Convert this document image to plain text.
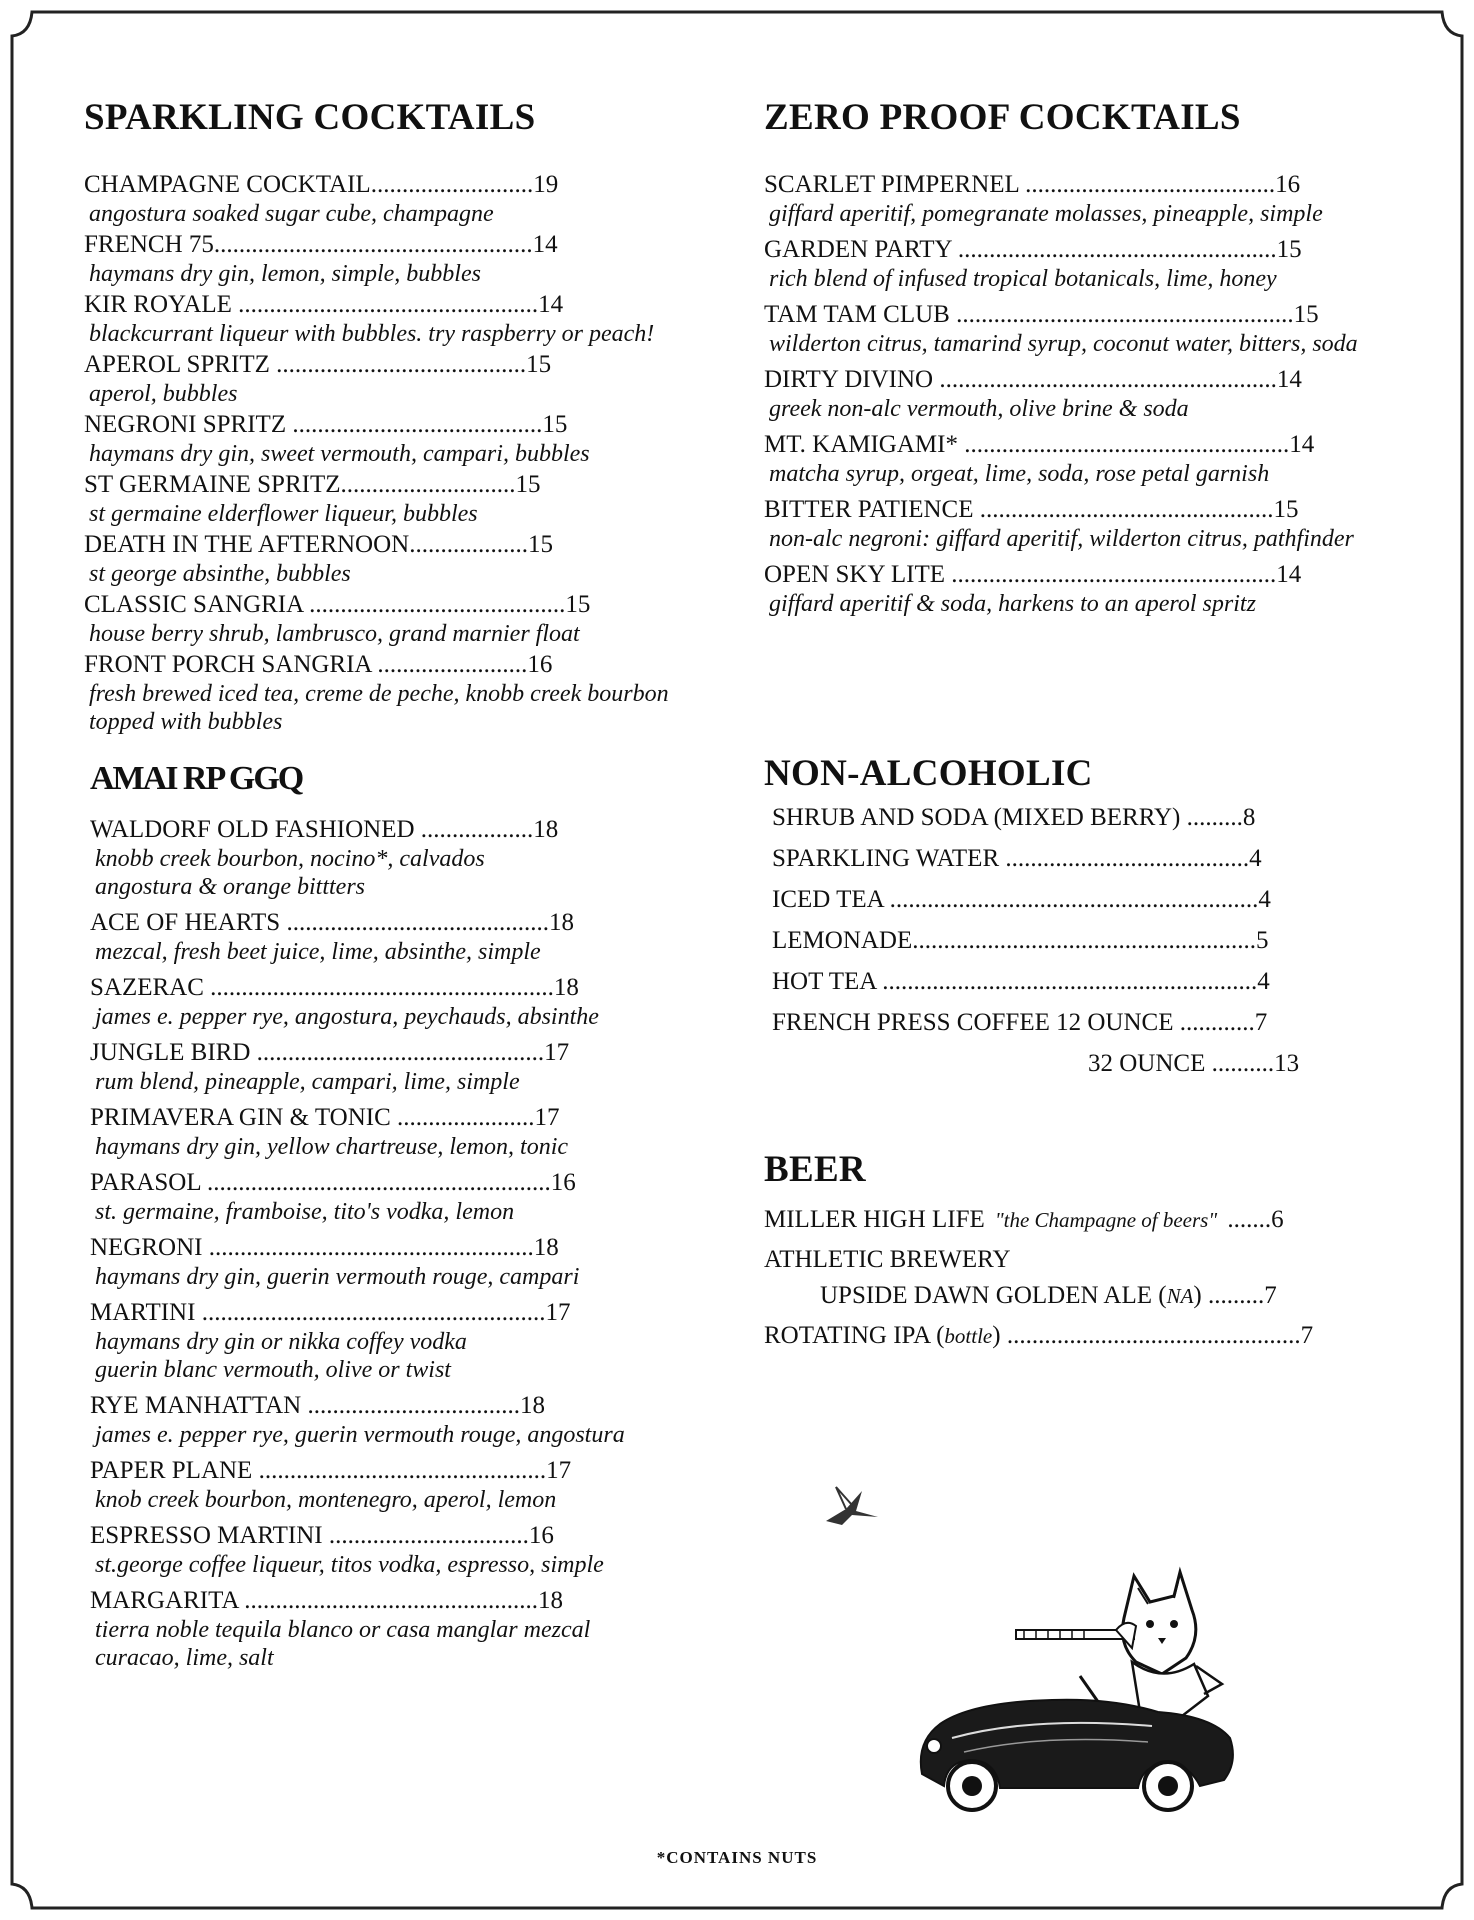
SPARKLING COCKTAILS
CHAMPAGNE COCKTAIL..........................19
angostura soaked sugar cube, champagne
FRENCH 75...................................................14
haymans dry gin, lemon, simple, bubbles
KIR ROYALE ................................................14
blackcurrant liqueur with bubbles. try raspberry or peach!
APEROL SPRITZ ........................................15
aperol, bubbles
NEGRONI SPRITZ ........................................15
haymans dry gin, sweet vermouth, campari, bubbles
ST GERMAINE SPRITZ............................15
st germaine elderflower liqueur, bubbles
DEATH IN THE AFTERNOON...................15
st george absinthe, bubbles
CLASSIC SANGRIA .........................................15
house berry shrub, lambrusco, grand marnier float
FRONT PORCH SANGRIA ........................16
fresh brewed iced tea, creme de peche, knobb creek bourbon
topped with bubbles
AMAI RP GGQ
WALDORF OLD FASHIONED ..................18
knobb creek bourbon, nocino*, calvados
angostura & orange bittters
ACE OF HEARTS ..........................................18
mezcal, fresh beet juice, lime, absinthe, simple
SAZERAC .......................................................18
james e. pepper rye, angostura, peychauds, absinthe
JUNGLE BIRD ..............................................17
rum blend, pineapple, campari, lime, simple
PRIMAVERA GIN & TONIC ......................17
haymans dry gin, yellow chartreuse, lemon, tonic
PARASOL .......................................................16
st. germaine, framboise, tito's vodka, lemon
NEGRONI ....................................................18
haymans dry gin, guerin vermouth rouge, campari
MARTINI .......................................................17
haymans dry gin or nikka coffey vodka
guerin blanc vermouth, olive or twist
RYE MANHATTAN ..................................18
james e. pepper rye, guerin vermouth rouge, angostura
PAPER PLANE ..............................................17
knob creek bourbon, montenegro, aperol, lemon
ESPRESSO MARTINI ................................16
st.george coffee liqueur, titos vodka, espresso, simple
MARGARITA ...............................................18
tierra noble tequila blanco or casa manglar mezcal
curacao, lime, salt
ZERO PROOF COCKTAILS
SCARLET PIMPERNEL ........................................16
giffard aperitif, pomegranate molasses, pineapple, simple
GARDEN PARTY ...................................................15
rich blend of infused tropical botanicals, lime, honey
TAM TAM CLUB ......................................................15
wilderton citrus, tamarind syrup, coconut water, bitters, soda
DIRTY DIVINO ......................................................14
greek non-alc vermouth, olive brine & soda
MT. KAMIGAMI* ....................................................14
matcha syrup, orgeat, lime, soda, rose petal garnish
BITTER PATIENCE ...............................................15
non-alc negroni: giffard aperitif, wilderton citrus, pathfinder
OPEN SKY LITE ....................................................14
giffard aperitif & soda, harkens to an aperol spritz
NON-ALCOHOLIC
SHRUB AND SODA (MIXED BERRY) .........8
SPARKLING WATER .......................................4
ICED TEA ...........................................................4
LEMONADE.......................................................5
HOT TEA ............................................................4
FRENCH PRESS COFFEE 12 OUNCE ............7
32 OUNCE ..........13
BEER
MILLER HIGH LIFE "the Champagne of beers" .......6
ATHLETIC BREWERY
UPSIDE DAWN GOLDEN ALE (NA) .........7
ROTATING IPA (bottle) ...............................................7
*CONTAINS NUTS
